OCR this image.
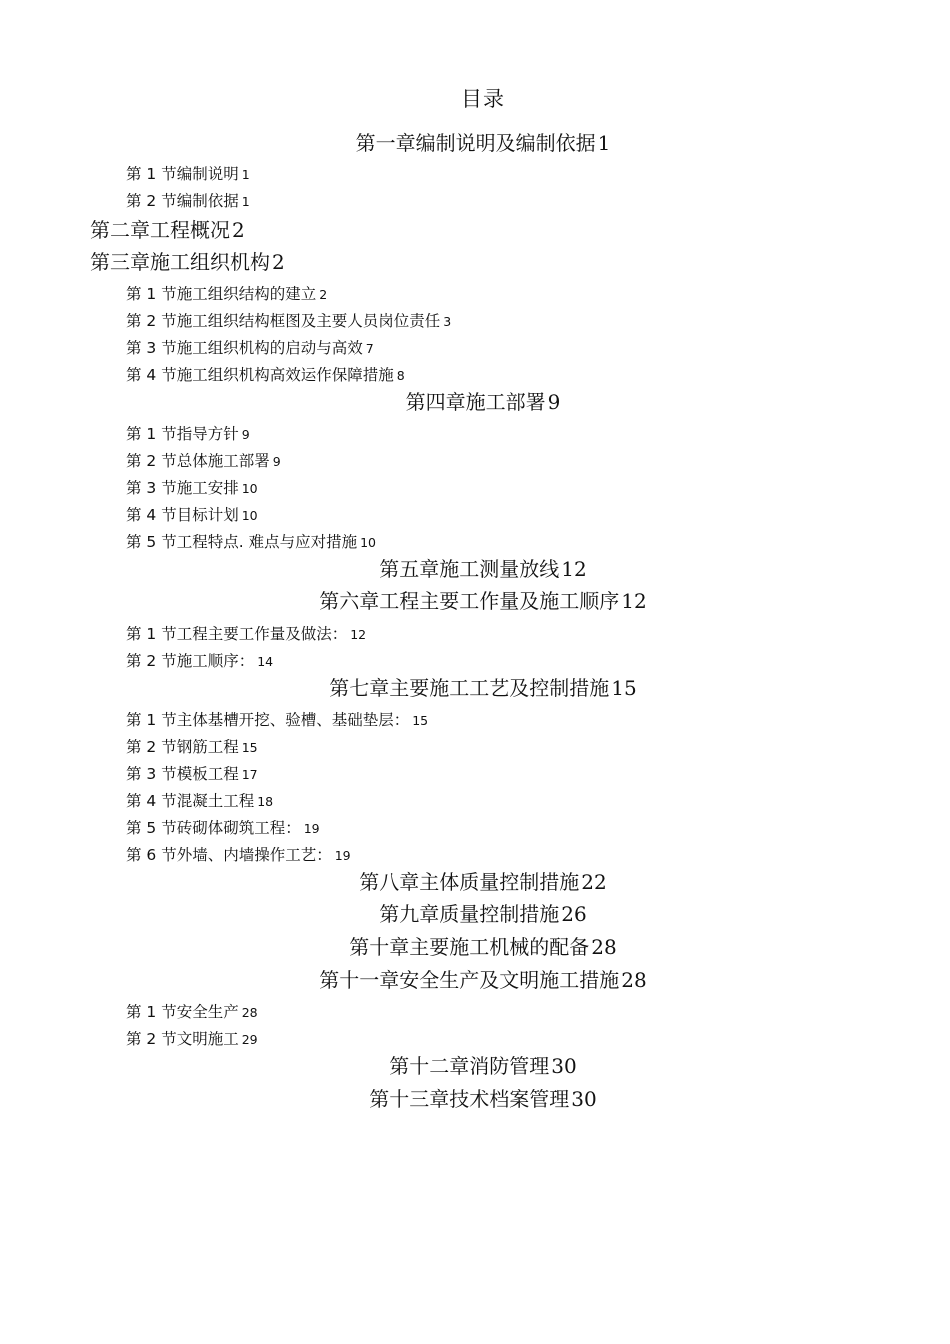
目录
第一章编制说明及编制依据 1
第 1 节编制说明 1
第 2 节编制依据 1
第二章工程概况 2
第三章施工组织机构 2
第 1 节施工组织结构的建立 2
第 2 节施工组织结构框图及主要人员岗位责任 3
第 3 节施工组织机构的启动与高效 7
第 4 节施工组织机构高效运作保障措施 8
第四章施工部署 9
第 1 节指导方针 9
第 2 节总体施工部署 9
第 3 节施工安排 10
第 4 节目标计划 10
第 5 节工程特点. 难点与应对措施 10
第五章施工测量放线 12
第六章工程主要工作量及施工顺序 12
第 1 节工程主要工作量及做法： 12
第 2 节施工顺序： 14
第七章主要施工工艺及控制措施 15
第 1 节主体基槽开挖、验槽、基础垫层： 15
第 2 节钢筋工程 15
第 3 节模板工程 17
第 4 节混凝土工程 18
第 5 节砖砌体砌筑工程： 19
第 6 节外墙、内墙操作工艺： 19
第八章主体质量控制措施 22
第九章质量控制措施 26
第十章主要施工机械的配备 28
第十一章安全生产及文明施工措施 28
第 1 节安全生产 28
第 2 节文明施工 29
第十二章消防管理 30
第十三章技术档案管理 30
